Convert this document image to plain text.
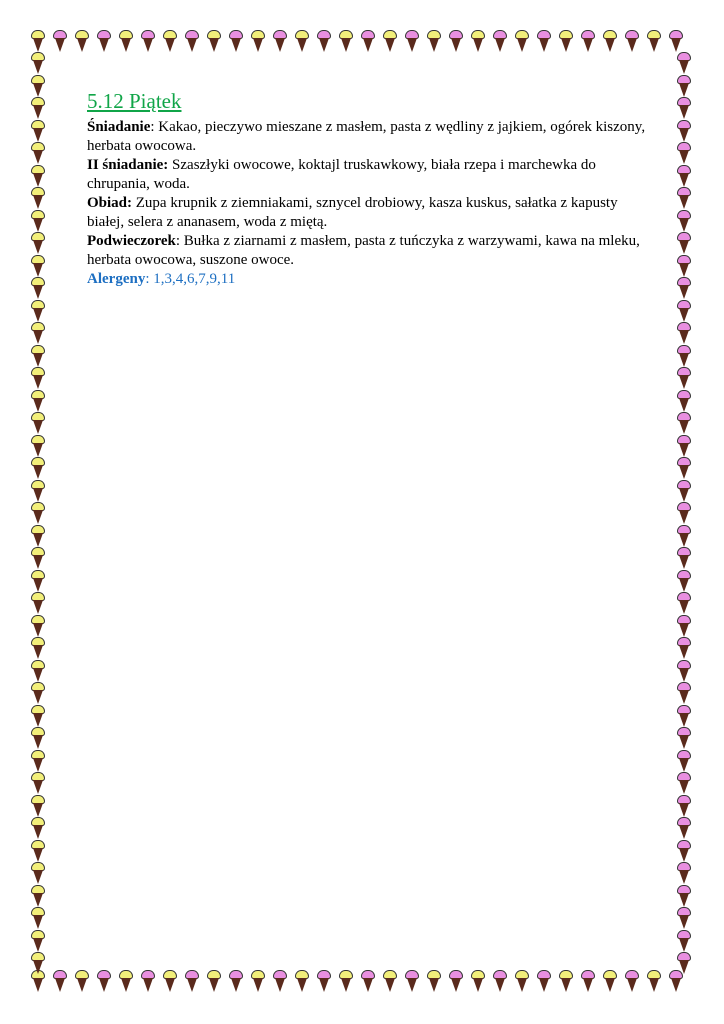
5.12 Piątek

Śniadanie: Kakao, pieczywo mieszane z masłem, pasta z wędliny z jajkiem, ogórek kiszony, herbata owocowa.

II śniadanie: Szaszłyki owocowe, koktajl truskawkowy, biała rzepa i marchewka do chrupania, woda.

Obiad: Zupa krupnik z ziemniakami, sznycel drobiowy, kasza kuskus, sałatka z kapusty białej, selera z ananasem, woda z miętą.

Podwieczorek: Bułka z ziarnami z masłem, pasta z tuńczyka z warzywami, kawa na mleku, herbata owocowa, suszone owoce.

Alergeny: 1,3,4,6,7,9,11
